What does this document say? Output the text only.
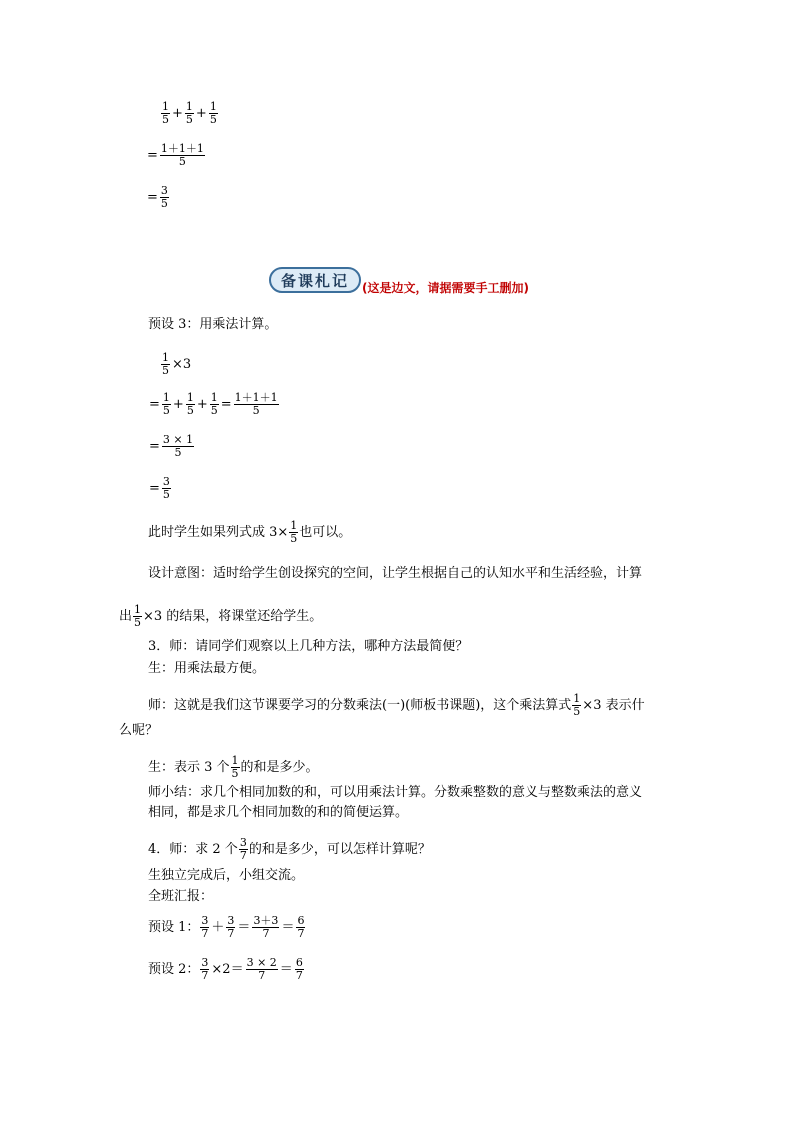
$\frac{1}{5} + \frac{1}{5} + \frac{1}{5}$
= $\frac{1+1+1}{5}$
= $\frac{3}{5}$
备课札记	(这是边文，请据需要手工删加)
预设 3：用乘法计算。
$\frac{1}{5} \times 3$
= $\frac{1}{5} + \frac{1}{5} + \frac{1}{5} = \frac{1+1+1}{5}$
= $\frac{3 \times 1}{5}$
= $\frac{3}{5}$
此时学生如果列式成 $3\times \frac{1}{5}$ 也可以。
设计意图：适时给学生创设探究的空间，让学生根据自己的认知水平和生活经验，计算
出 $\frac{1}{5} \times 3$ 的结果，将课堂还给学生。
3．师：请同学们观察以上几种方法，哪种方法最简便？
生：用乘法最方便。
师：这就是我们这节课要学习的分数乘法(一)(师板书课题)，这个乘法算式 $\frac{1}{5} \times 3$ 表示什
么呢？
生：表示 3 个 $\frac{1}{5}$ 的和是多少。
师小结：求几个相同加数的和，可以用乘法计算。分数乘整数的意义与整数乘法的意义
相同，都是求几个相同加数的和的简便运算。
4．师：求 2 个 $\frac{3}{7}$ 的和是多少，可以怎样计算呢？
生独立完成后，小组交流。
全班汇报：
预设 1： $\frac{3}{7} + \frac{3}{7} = \frac{3+3}{7} = \frac{6}{7}$
预设 2： $\frac{3}{7} \times 2= \frac{3 \times 2}{7} = \frac{6}{7}$
